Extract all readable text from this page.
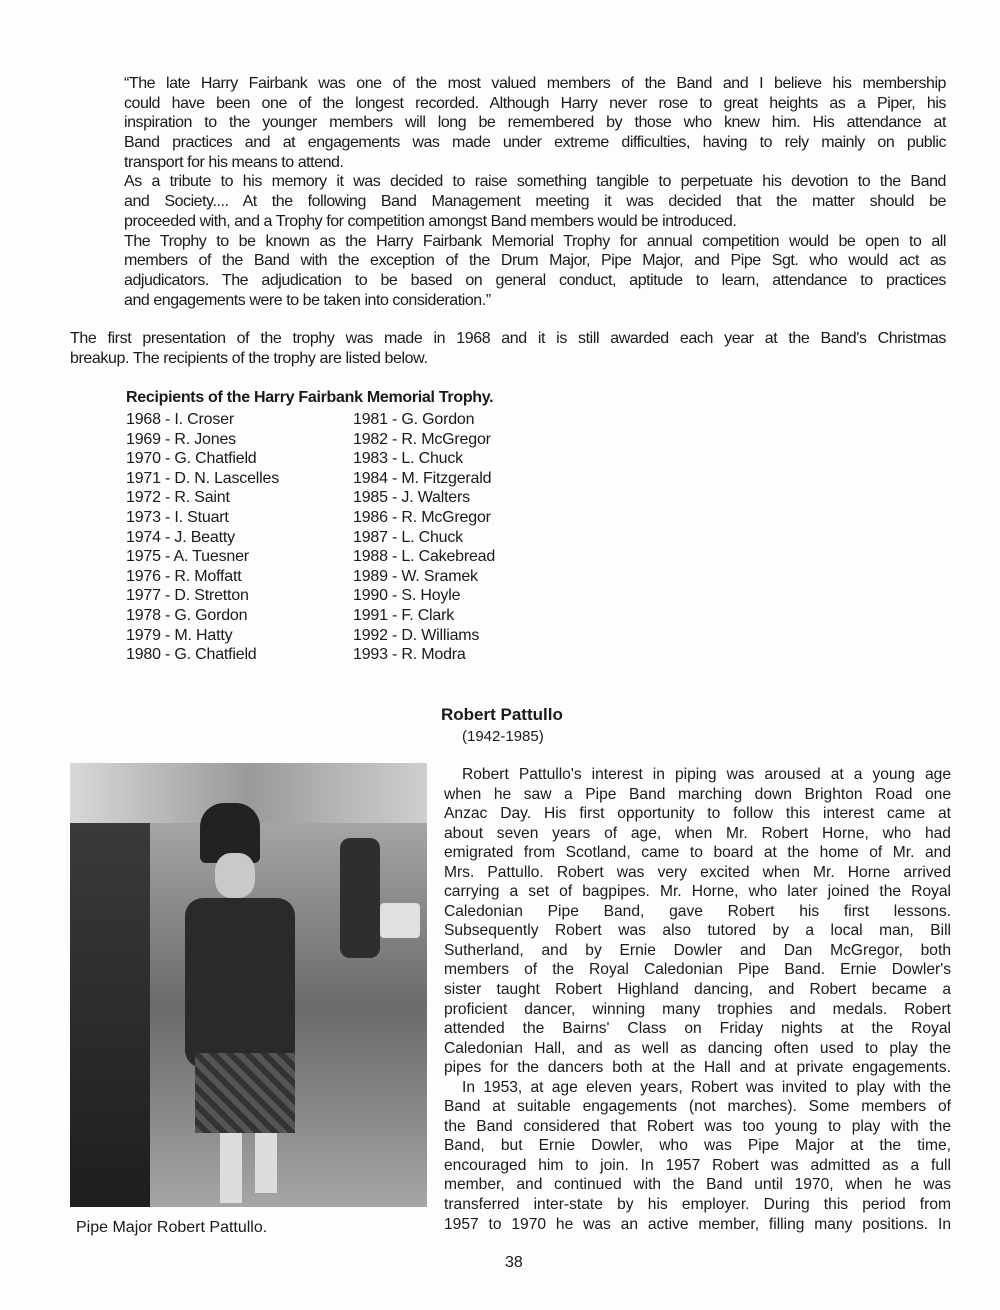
“The late Harry Fairbank was one of the most valued members of the Band and I believe his membership
could have been one of the longest recorded. Although Harry never rose to great heights as a Piper, his
inspiration to the younger members will long be remembered by those who knew him. His attendance at
Band practices and at engagements was made under extreme difficulties, having to rely mainly on public
transport for his means to attend.
As a tribute to his memory it was decided to raise something tangible to perpetuate his devotion to the Band
and Society.... At the following Band Management meeting it was decided that the matter should be
proceeded with, and a Trophy for competition amongst Band members would be introduced.
The Trophy to be known as the Harry Fairbank Memorial Trophy for annual competition would be open to all
members of the Band with the exception of the Drum Major, Pipe Major, and Pipe Sgt. who would act as
adjudicators. The adjudication to be based on general conduct, aptitude to learn, attendance to practices
and engagements were to be taken into consideration.”
The first presentation of the trophy was made in 1968 and it is still awarded each year at the Band's Christmas
breakup. The recipients of the trophy are listed below.
Recipients of the Harry Fairbank Memorial Trophy.
1968 - I. Croser
1969 - R. Jones
1970 - G. Chatfield
1971 - D. N. Lascelles
1972 - R. Saint
1973 - I. Stuart
1974 - J. Beatty
1975 - A. Tuesner
1976 - R. Moffatt
1977 - D. Stretton
1978 - G. Gordon
1979 - M. Hatty
1980 - G. Chatfield
1981 - G. Gordon
1982 - R. McGregor
1983 - L. Chuck
1984 - M. Fitzgerald
1985 - J. Walters
1986 - R. McGregor
1987 - L. Chuck
1988 - L. Cakebread
1989 - W. Sramek
1990 - S. Hoyle
1991 - F. Clark
1992 - D. Williams
1993 - R. Modra
Robert Pattullo
(1942-1985)
Robert Pattullo's interest in piping was aroused at a young age
when he saw a Pipe Band marching down Brighton Road one
Anzac Day. His first opportunity to follow this interest came at
about seven years of age, when Mr. Robert Horne, who had
emigrated from Scotland, came to board at the home of Mr. and
Mrs. Pattullo. Robert was very excited when Mr. Horne arrived
carrying a set of bagpipes. Mr. Horne, who later joined the Royal
Caledonian Pipe Band, gave Robert his first lessons.
Subsequently Robert was also tutored by a local man, Bill
Sutherland, and by Ernie Dowler and Dan McGregor, both
members of the Royal Caledonian Pipe Band. Ernie Dowler's
sister taught Robert Highland dancing, and Robert became a
proficient dancer, winning many trophies and medals. Robert
attended the Bairns' Class on Friday nights at the Royal
Caledonian Hall, and as well as dancing often used to play the
pipes for the dancers both at the Hall and at private engagements.
In 1953, at age eleven years, Robert was invited to play with the
Band at suitable engagements (not marches). Some members of
the Band considered that Robert was too young to play with the
Band, but Ernie Dowler, who was Pipe Major at the time,
encouraged him to join. In 1957 Robert was admitted as a full
member, and continued with the Band until 1970, when he was
transferred inter-state by his employer. During this period from
1957 to 1970 he was an active member, filling many positions. In
Pipe Major Robert Pattullo.
38
